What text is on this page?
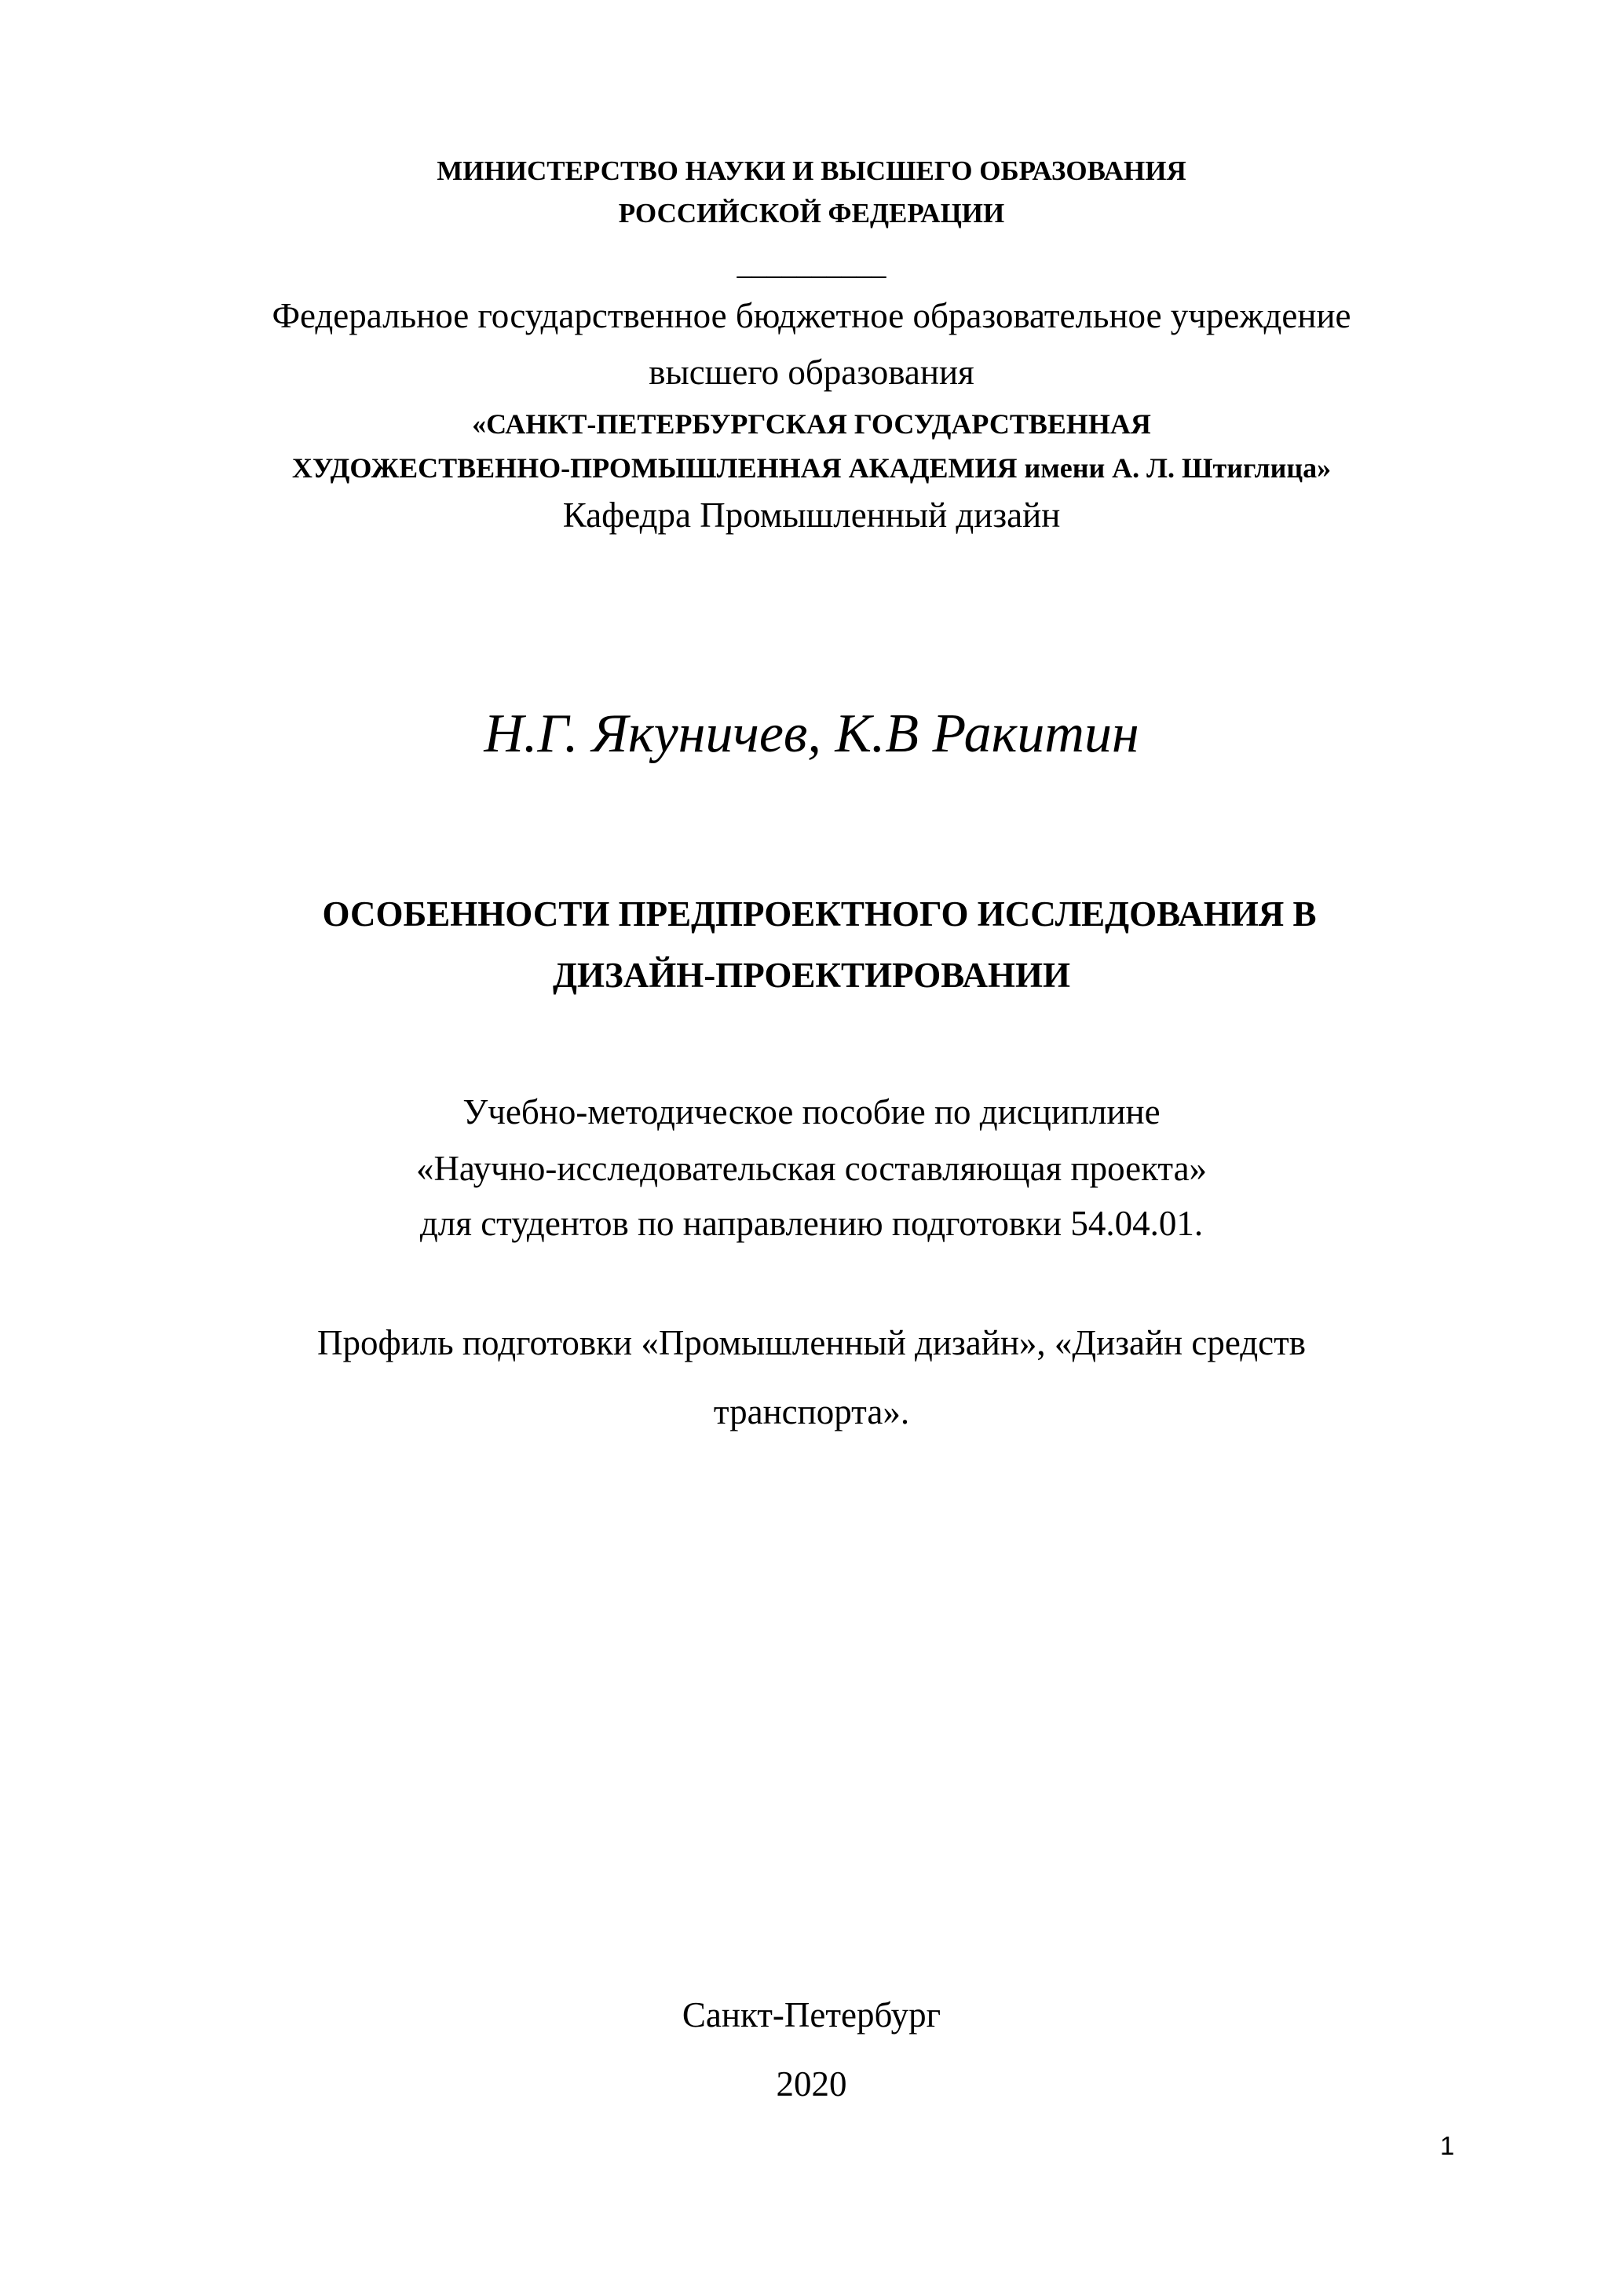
МИНИСТЕРСТВО НАУКИ И ВЫСШЕГО ОБРАЗОВАНИЯ
РОССИЙСКОЙ ФЕДЕРАЦИИ
__________
Федеральное государственное бюджетное образовательное учреждение
высшего образования
«САНКТ-ПЕТЕРБУРГСКАЯ ГОСУДАРСТВЕННАЯ
ХУДОЖЕСТВЕННО-ПРОМЫШЛЕННАЯ АКАДЕМИЯ имени А. Л. Штиглица»
Кафедра Промышленный дизайн
Н.Г. Якуничев, К.В Ракитин
ОСОБЕННОСТИ ПРЕДПРОЕКТНОГО ИССЛЕДОВАНИЯ В
ДИЗАЙН-ПРОЕКТИРОВАНИИ
Учебно-методическое пособие по дисциплине
«Научно-исследовательская составляющая проекта»
для студентов по направлению подготовки 54.04.01.
Профиль подготовки «Промышленный дизайн», «Дизайн средств
транспорта».
Санкт-Петербург
2020
1
